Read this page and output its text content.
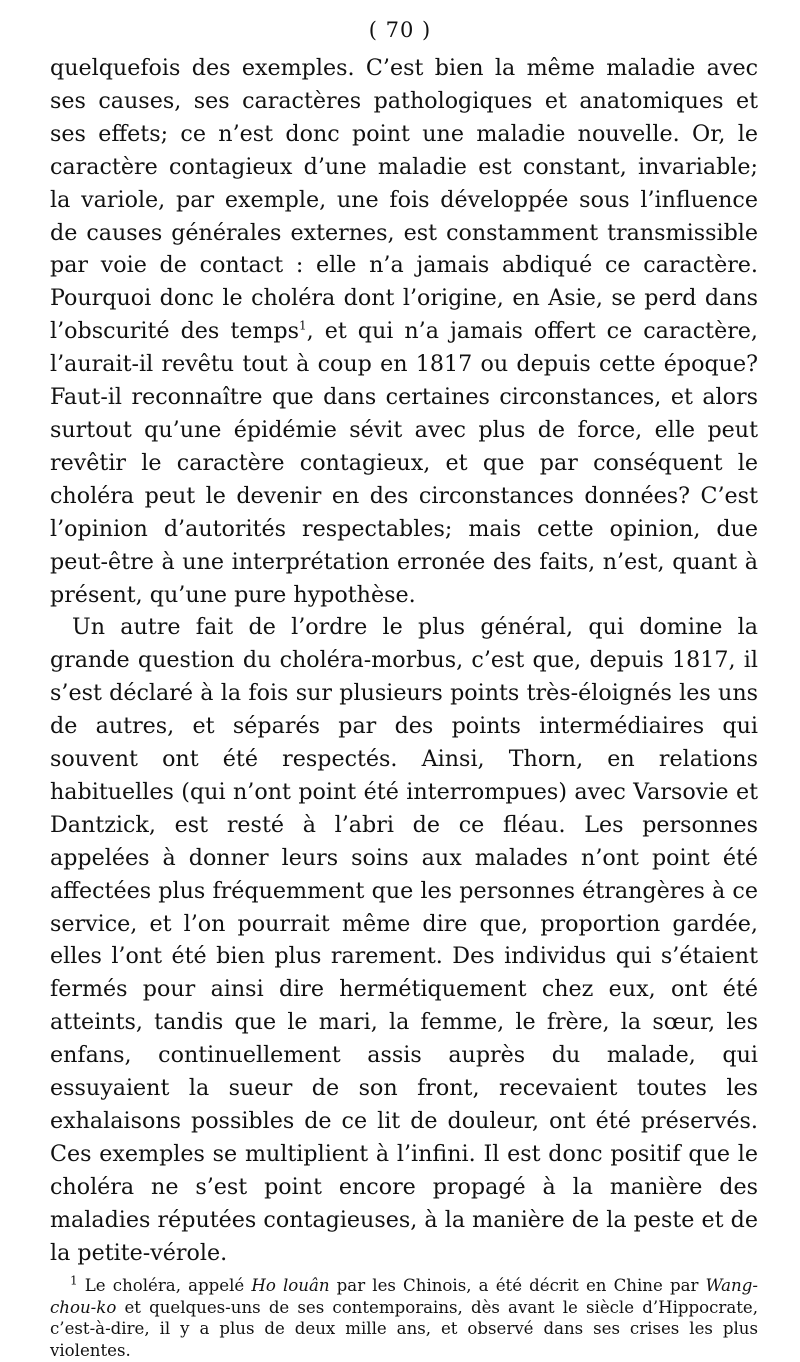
( 70 )

quelquefois des exemples. C’est bien la même maladie avec ses causes, ses caractères pathologiques et anatomiques et ses effets; ce n’est donc point une maladie nouvelle. Or, le caractère contagieux d’une maladie est constant, invariable; la variole, par exemple, une fois développée sous l’influence de causes générales externes, est constamment transmissible par voie de contact : elle n’a jamais abdiqué ce caractère. Pourquoi donc le choléra dont l’origine, en Asie, se perd dans l’obscurité des temps$^1$, et qui n’a jamais offert ce caractère, l’aurait-il revêtu tout à coup en 1817 ou depuis cette époque? Faut-il reconnaître que dans certaines circonstances, et alors surtout qu’une épidémie sévit avec plus de force, elle peut revêtir le caractère contagieux, et que par conséquent le choléra peut le devenir en des circonstances données? C’est l’opinion d’autorités respectables; mais cette opinion, due peut-être à une interprétation erronée des faits, n’est, quant à présent, qu’une pure hypothèse.

Un autre fait de l’ordre le plus général, qui domine la grande question du choléra-morbus, c’est que, depuis 1817, il s’est déclaré à la fois sur plusieurs points très-éloignés les uns de autres, et séparés par des points intermédiaires qui souvent ont été respectés. Ainsi, Thorn, en relations habituelles (qui n’ont point été interrompues) avec Varsovie et Dantzick, est resté à l’abri de ce fléau. Les personnes appelées à donner leurs soins aux malades n’ont point été affectées plus fréquemment que les personnes étrangères à ce service, et l’on pourrait même dire que, proportion gardée, elles l’ont été bien plus rarement. Des individus qui s’étaient fermés pour ainsi dire hermétiquement chez eux, ont été atteints, tandis que le mari, la femme, le frère, la sœur, les enfans, continuellement assis auprès du malade, qui essuyaient la sueur de son front, recevaient toutes les exhalaisons possibles de ce lit de douleur, ont été préservés. Ces exemples se multiplient à l’infini. Il est donc positif que le choléra ne s’est point encore propagé à la manière des maladies réputées contagieuses, à la manière de la peste et de la petite-vérole.

$^1$ Le choléra, appelé Ho louân par les Chinois, a été décrit en Chine par Wang-chou-ko et quelques-uns de ses contemporains, dès avant le siècle d’Hippocrate, c’est-à-dire, il y a plus de deux mille ans, et observé dans ses crises les plus violentes.
